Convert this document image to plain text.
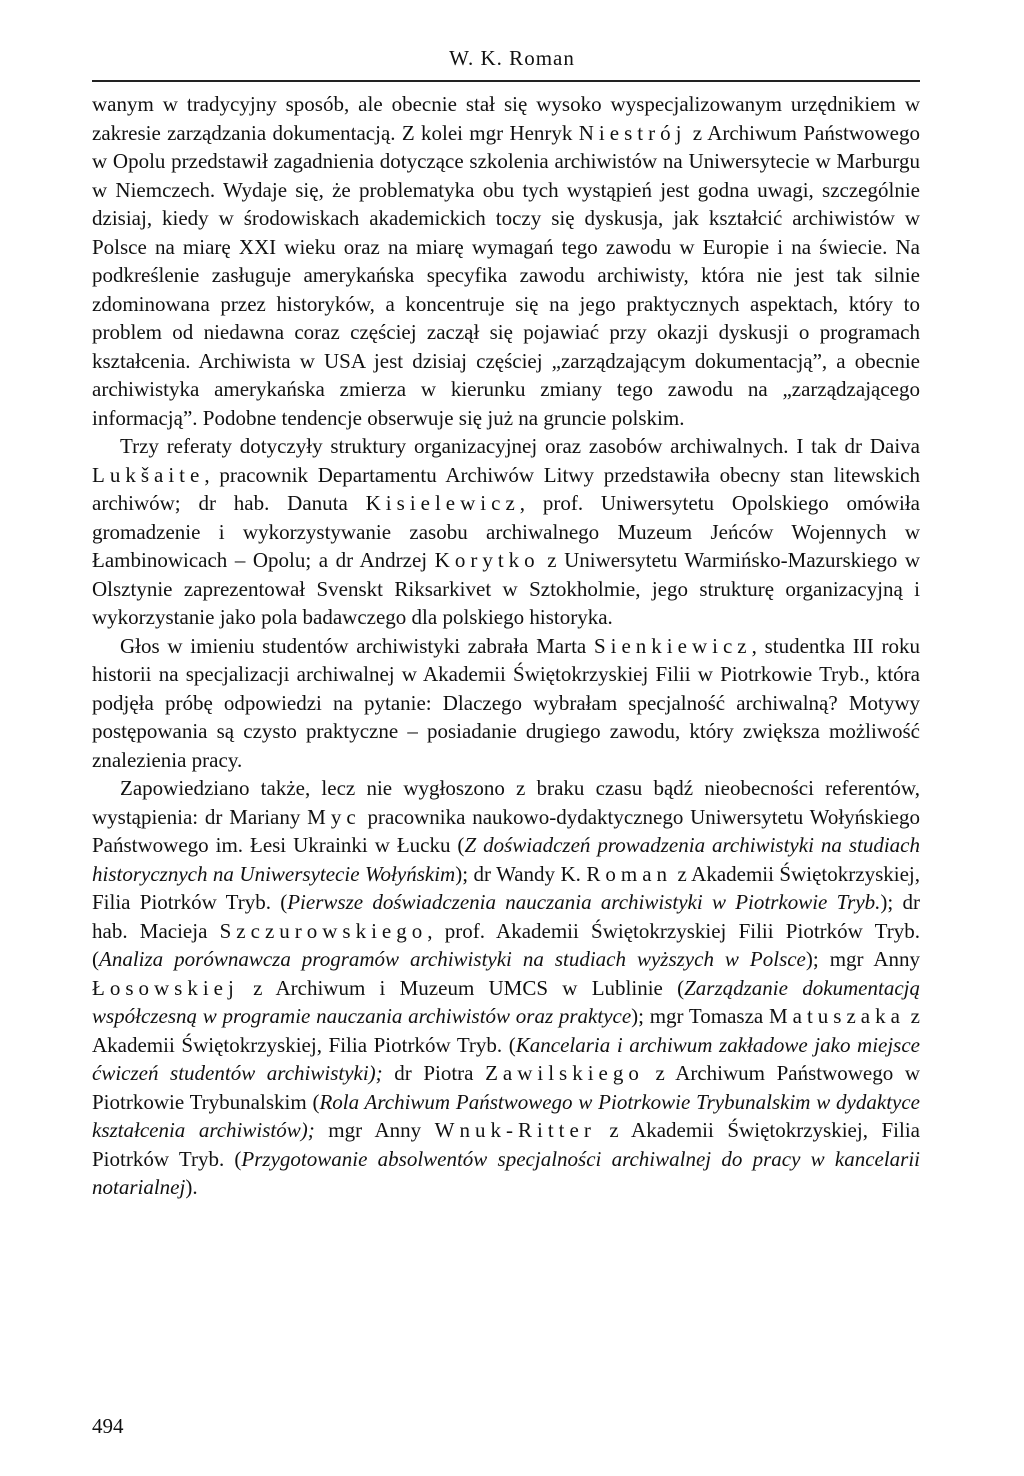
W. K. Roman

wanym w tradycyjny sposób, ale obecnie stał się wysoko wyspecjalizowanym urzędnikiem w zakresie zarządzania dokumentacją. Z kolei mgr Henryk Niestrój z Archiwum Państwowego w Opolu przedstawił zagadnienia dotyczące szkolenia archiwistów na Uniwersytecie w Marburgu w Niemczech. Wydaje się, że problematyka obu tych wystąpień jest godna uwagi, szczególnie dzisiaj, kiedy w środowiskach akademickich toczy się dyskusja, jak kształcić archiwistów w Polsce na miarę XXI wieku oraz na miarę wymagań tego zawodu w Europie i na świecie. Na podkreślenie zasługuje amerykańska specyfika zawodu archiwisty, która nie jest tak silnie zdominowana przez historyków, a koncentruje się na jego praktycznych aspektach, który to problem od niedawna coraz częściej zaczął się pojawiać przy okazji dyskusji o programach kształcenia. Archiwista w USA jest dzisiaj częściej „zarządzającym dokumentacją”, a obecnie archiwistyka amerykańska zmierza w kierunku zmiany tego zawodu na „zarządzającego informacją”. Podobne tendencje obserwuje się już na gruncie polskim.

Trzy referaty dotyczyły struktury organizacyjnej oraz zasobów archiwalnych. I tak dr Daiva Lukšaite, pracownik Departamentu Archiwów Litwy przedstawiła obecny stan litewskich archiwów; dr hab. Danuta Kisielewicz, prof. Uniwersytetu Opolskiego omówiła gromadzenie i wykorzystywanie zasobu archiwalnego Muzeum Jeńców Wojennych w Łambinowicach – Opolu; a dr Andrzej Korytko z Uniwersytetu Warmińsko-Mazurskiego w Olsztynie zaprezentował Svenskt Riksarkivet w Sztokholmie, jego strukturę organizacyjną i wykorzystanie jako pola badawczego dla polskiego historyka.

Głos w imieniu studentów archiwistyki zabrała Marta Sienkiewicz, studentka III roku historii na specjalizacji archiwalnej w Akademii Świętokrzyskiej Filii w Piotrkowie Tryb., która podjęła próbę odpowiedzi na pytanie: Dlaczego wybrałam specjalność archiwalną? Motywy postępowania są czysto praktyczne – posiadanie drugiego zawodu, który zwiększa możliwość znalezienia pracy.

Zapowiedziano także, lecz nie wygłoszono z braku czasu bądź nieobecności referentów, wystąpienia: dr Mariany Myc pracownika naukowo-dydaktycznego Uniwersytetu Wołyńskiego Państwowego im. Łesi Ukrainki w Łucku (Z doświadczeń prowadzenia archiwistyki na studiach historycznych na Uniwersytecie Wołyńskim); dr Wandy K. Roman z Akademii Świętokrzyskiej, Filia Piotrków Tryb. (Pierwsze doświadczenia nauczania archiwistyki w Piotrkowie Tryb.); dr hab. Macieja Szczurowskiego, prof. Akademii Świętokrzyskiej Filii Piotrków Tryb. (Analiza porównawcza programów archiwistyki na studiach wyższych w Polsce); mgr Anny Łosowskiej z Archiwum i Muzeum UMCS w Lublinie (Zarządzanie dokumentacją współczesną w programie nauczania archiwistów oraz praktyce); mgr Tomasza Matuszaka z Akademii Świętokrzyskiej, Filia Piotrków Tryb. (Kancelaria i archiwum zakładowe jako miejsce ćwiczeń studentów archiwistyki); dr Piotra Zawilskiego z Archiwum Państwowego w Piotrkowie Trybunalskim (Rola Archiwum Państwowego w Piotrkowie Trybunalskim w dydaktyce kształcenia archiwistów); mgr Anny Wnuk-Ritter z Akademii Świętokrzyskiej, Filia Piotrków Tryb. (Przygotowanie absolwentów specjalności archiwalnej do pracy w kancelarii notarialnej).

494
